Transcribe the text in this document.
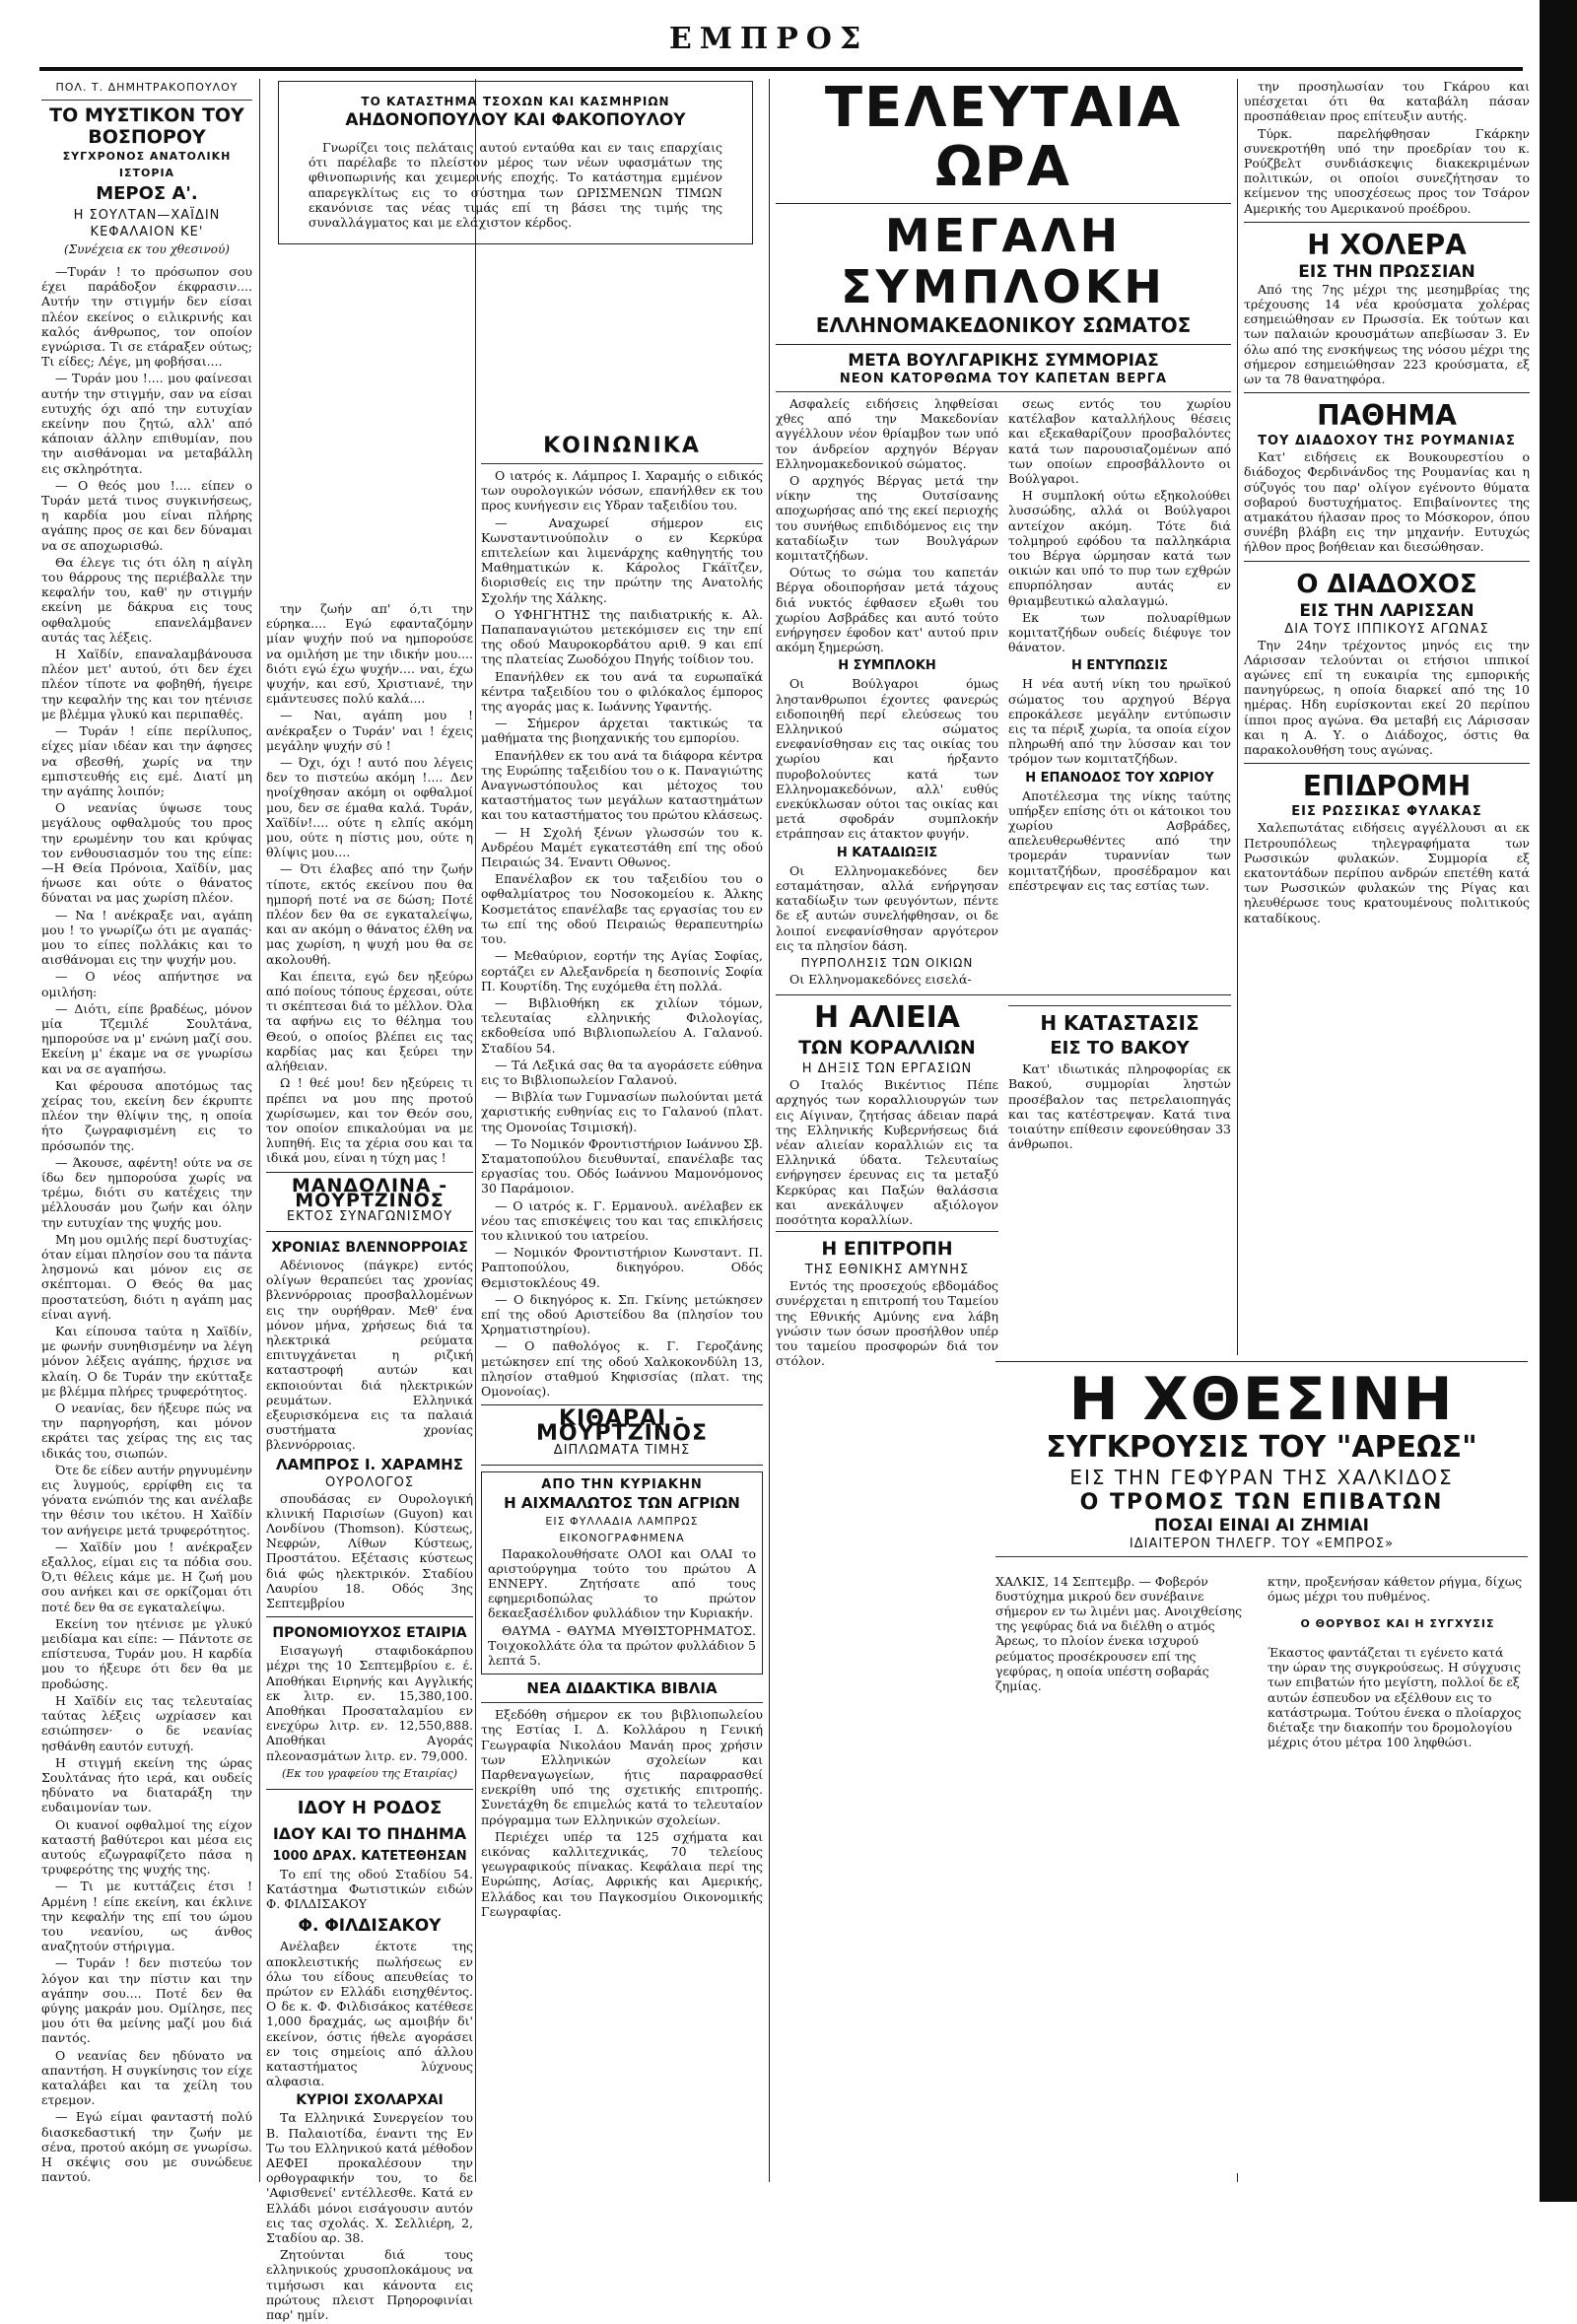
ΕΜΠΡΟΣ
ΠΟΛ. Τ. ΔΗΜΗΤΡΑΚΟΠΟΥΛΟΥ
ΤΟ ΜΥΣΤΙΚΟΝ ΤΟΥ ΒΟΣΠΟΡΟΥ
ΣΥΓΧΡΟΝΟΣ ΑΝΑΤΟΛΙΚΗ ΙΣΤΟΡΙΑ
ΜΕΡΟΣ Α'.
Η ΣΟΥΛΤΑΝ—ΧΑΪΔΙΝ
ΚΕΦΑΛΑΙΟΝ ΚΕ'
(Συνέχεια εκ του χθεσινού)

—Τυράν ! το πρόσωπον σου έχει παράδοξον έκφρασιν.... Αυτήν την στιγμήν δεν είσαι πλέον εκείνος ο ειλικρινής και καλός άνθρωπος, τον οποίον εγνώρισα. Τι σε ετάραξεν ούτως; Τι είδες; Λέγε, μη φοβήσαι....

— Τυράν μου !.... μου φαίνεσαι αυτήν την στιγμήν, σαν να είσαι ευτυχής όχι από την ευτυχίαν εκείνην που ζητώ, αλλ' από κάποιαν άλλην επιθυμίαν, που την αισθάνομαι να μεταβάλλη εις σκληρότητα.

— Ο θεός μου !.... είπεν ο Τυράν μετά τινος συγκινήσεως, η καρδία μου είναι πλήρης αγάπης προς σε και δεν δύναμαι να σε αποχωρισθώ.

Θα έλεγε τις ότι όλη η αίγλη του θάρρους της περιέβαλλε την κεφαλήν του, καθ' ην στιγμήν εκείνη με δάκρυα εις τους οφθαλμούς επανελάμβανεν αυτάς τας λέξεις.

Η Χαϊδίν, επαναλαμβάνουσα πλέον μετ' αυτού, ότι δεν έχει πλέον τίποτε να φοβηθή, ήγειρε την κεφαλήν της και τον ητένισε με βλέμμα γλυκύ και περιπαθές.

— Τυράν ! είπε περίλυπος, είχες μίαν ιδέαν και την άφησες να σβεσθή, χωρίς να την εμπιστευθής εις εμέ. Διατί μη την αγάπης λοιπόν;

Ο νεανίας ύψωσε τους μεγάλους οφθαλμούς του προς την ερωμένην του και κρύψας τον ενθουσιασμόν του της είπε: —Η Θεία Πρόνοια, Χαϊδίν, μας ήνωσε και ούτε ο θάνατος δύναται να μας χωρίση πλέον.

— Να ! ανέκραξε ναι, αγάπη μου ! το γνωρίζω ότι με αγαπάς· μου το είπες πολλάκις και το αισθάνομαι εις την ψυχήν μου.

— Ο νέος απήντησε να ομιλήση:

— Διότι, είπε βραδέως, μόνον μία Τζεμιλέ Σουλτάνα, ημπορούσε να μ' ενώνη μαζί σου. Εκείνη μ' έκαμε να σε γνωρίσω και να σε αγαπήσω.

Και φέρουσα αποτόμως τας χείρας του, εκείνη δεν έκρυπτε πλέον την θλίψιν της, η οποία ήτο ζωγραφισμένη εις το πρόσωπόν της.

— Άκουσε, αφέντη! ούτε να σε ίδω δεν ημπορούσα χωρίς να τρέμω, διότι συ κατέχεις την μέλλουσάν μου ζωήν και όλην την ευτυχίαν της ψυχής μου.

Μη μου ομιλής περί δυστυχίας· όταν είμαι πλησίον σου τα πάντα λησμονώ και μόνον εις σε σκέπτομαι. Ο Θεός θα μας προστατεύση, διότι η αγάπη μας είναι αγνή.

Και είπουσα ταύτα η Χαϊδίν, με φωνήν συνηθισμένην να λέγη μόνον λέξεις αγάπης, ήρχισε να κλαίη. Ο δε Τυράν την εκύτταξε με βλέμμα πλήρες τρυφερότητος.

Ο νεανίας, δεν ήξευρε πώς να την παρηγορήση, και μόνον εκράτει τας χείρας της εις τας ιδικάς του, σιωπών.

Ότε δε είδεν αυτήν ρηγνυμένην εις λυγμούς, ερρίφθη εις τα γόνατα ενώπιόν της και ανέλαβε την θέσιν του ικέτου. Η Χαϊδίν τον ανήγειρε μετά τρυφερότητος.

— Χαϊδίν μου ! ανέκραξεν εξαλλος, είμαι εις τα πόδια σου. Ό,τι θέλεις κάμε με. Η ζωή μου σου ανήκει και σε ορκίζομαι ότι ποτέ δεν θα σε εγκαταλείψω.

Εκείνη τον ητένισε με γλυκύ μειδίαμα και είπε: — Πάντοτε σε επίστευσα, Τυράν μου. Η καρδία μου το ήξευρε ότι δεν θα με προδώσης.

Η Χαϊδίν εις τας τελευταίας ταύτας λέξεις ωχρίασεν και εσιώπησεν· ο δε νεανίας ησθάνθη εαυτόν ευτυχή.

Η στιγμή εκείνη της ώρας Σουλτάνας ήτο ιερά, και ουδείς ηδύνατο να διαταράξη την ευδαιμονίαν των.

Οι κυανοί οφθαλμοί της είχον καταστή βαθύτεροι και μέσα εις αυτούς εζωγραφίζετο πάσα η τρυφερότης της ψυχής της.

— Τι με κυττάζεις έτσι ! Αρμένη ! είπε εκείνη, και έκλινε την κεφαλήν της επί του ώμου του νεανίου, ως άνθος αναζητούν στήριγμα.

— Τυράν ! δεν πιστεύω τον λόγον και την πίστιν και την αγάπην σου.... Ποτέ δεν θα φύγης μακράν μου. Ομίλησε, πες μου ότι θα μείνης μαζί μου διά παντός.

Ο νεανίας δεν ηδύνατο να απαντήση. Η συγκίνησις τον είχε καταλάβει και τα χείλη του ετρεμον.

— Εγώ είμαι φανταστή πολύ διασκεδαστική την ζωήν με σένα, προτού ακόμη σε γνωρίσω. Η σκέψις σου με συνώδευε παντού.

ΤΟ ΚΑΤΑΣΤΗΜΑ ΤΣΟΧΩΝ ΚΑΙ ΚΑΣΜΗΡΙΩΝ
ΑΗΔΟΝΟΠΟΥΛΟΥ ΚΑΙ ΦΑΚΟΠΟΥΛΟΥ

Γνωρίζει τοις πελάταις αυτού ενταύθα και εν ταις επαρχίαις ότι παρέλαβε το πλείστον μέρος των νέων υφασμάτων της φθινοπωρινής και χειμερινής εποχής. Το κατάστημα εμμένον απαρεγκλίτως εις το σύστημα των ΩΡΙΣΜΕΝΩΝ ΤΙΜΩΝ εκανόνισε τας νέας τιμάς επί τη βάσει της τιμής της συναλλάγματος και με ελάχιστον κέρδος.

την ζωήν απ' ό,τι την εύρηκα.... Εγώ εφανταζόμην μίαν ψυχήν πού να ημπορούσε να ομιλήση με την ιδικήν μου.... διότι εγώ έχω ψυχήν.... ναι, έχω ψυχήν, και εσύ, Χριστιανέ, την εμάντευσες πολύ καλά....

— Ναι, αγάπη μου ! ανέκραξεν ο Τυράν' ναι ! έχεις μεγάλην ψυχήν σύ !

— Όχι, όχι ! αυτό που λέγεις δεν το πιστεύω ακόμη !.... Δεν ηνοίχθησαν ακόμη οι οφθαλμοί μου, δεν σε έμαθα καλά. Τυράν, Χαϊδίν!.... ούτε η ελπίς ακόμη μου, ούτε η πίστις μου, ούτε η θλίψις μου....

— Ότι έλαβες από την ζωήν τίποτε, εκτός εκείνου που θα ημπορή ποτέ να σε δώση; Ποτέ πλέον δεν θα σε εγκαταλείψω, και αν ακόμη ο θάνατος έλθη να μας χωρίση, η ψυχή μου θα σε ακολουθή.

Και έπειτα, εγώ δεν ηξεύρω από ποίους τόπους έρχεσαι, ούτε τι σκέπτεσαι διά το μέλλον. Όλα τα αφήνω εις το θέλημα του Θεού, ο οποίος βλέπει εις τας καρδίας μας και ξεύρει την αλήθειαν.

Ω ! θεέ μου! δεν ηξεύρεις τι πρέπει να μου πης προτού χωρίσωμεν, και τον Θεόν σου, τον οποίον επικαλούμαι να με λυπηθή. Εις τα χέρια σου και τα ιδικά μου, είναι η τύχη μας !

ΜΑΝΔΟΛΙΝΑ - ΜΟΥΡΤΖΙΝΟΣ
ΕΚΤΟΣ ΣΥΝΑΓΩΝΙΣΜΟΥ
ΧΡΟΝΙΑΣ ΒΛΕΝΝΟΡΡΟΙΑΣ

Αδένιονος (πάγκρε) εντός ολίγων θεραπεύει τας χρονίας βλεννόρροιας προσβαλλομένων εις την ουρήθραν. Μεθ' ένα μόνον μήνα, χρήσεως διά τα ηλεκτρικά ρεύματα επιτυγχάνεται η ριζική καταστροφή αυτών και εκποιούνται διά ηλεκτρικών ρευμάτων. Ελληνικά εξευρισκόμενα εις τα παλαιά συστήματα χρονίας βλεννόρροιας.

ΛΑΜΠΡΟΣ Ι. ΧΑΡΑΜΗΣ
ΟΥΡΟΛΟΓΟΣ

σπουδάσας εν Ουρολογική κλινική Παρισίων (Guyon) και Λονδίνου (Thomson). Κύστεως, Νεφρών, Λίθων Κύστεως, Προστάτου. Εξέτασις κύστεως διά φώς ηλεκτρικόν. Σταδίου Λαυρίου 18. Οδός 3ης Σεπτεμβρίου

ΠΡΟΝΟΜΙΟΥΧΟΣ ΕΤΑΙΡΙΑ

Εισαγωγή σταφιδοκάρπου μέχρι της 10 Σεπτεμβρίου ε. έ. Αποθήκαι Ειρηνής και Αγγλικής εκ λιτρ. εν. 15,380,100. Αποθήκαι Προσαταλαμίου εν ενεχύρω λιτρ. εν. 12,550,888. Αποθήκαι Αγοράς πλεονασμάτων λιτρ. εν. 79,000.

(Εκ του γραφείου της Εταιρίας)
ΙΔΟΥ Η ΡΟΔΟΣ
ΙΔΟΥ ΚΑΙ ΤΟ ΠΗΔΗΜΑ
1000 ΔΡΑΧ. ΚΑΤΕΤΕΘΗΣΑΝ

Το επί της οδού Σταδίου 54. Κατάστημα Φωτιστικών ειδών Φ. ΦΙΛΔΙΣΑΚΟΥ

Φ. ΦΙΛΔΙΣΑΚΟΥ

Ανέλαβεν έκτοτε της αποκλειστικής πωλήσεως εν όλω του είδους απευθείας το πρώτον εν Ελλάδι εισηχθέντος. Ο δε κ. Φ. Φιλδισάκος κατέθεσε 1,000 δραχμάς, ως αμοιβήν δι' εκείνον, όστις ήθελε αγοράσει εν τοις σημείοις από άλλου καταστήματος λύχνους αλφασια.

ΚΥΡΙΟΙ ΣΧΟΛΑΡΧΑΙ

Τα Ελληνικά Συνεργείον του Β. Παλαιοτίδα, έναντι της Εν Τω του Ελληνικού κατά μέθοδον ΑΕΦΕΙ προκαλέσουν την ορθογραφικήν του, το δε 'Αφισθενεί' εντέλλεσθε. Κατά εν Ελλάδι μόνοι εισάγουσιν αυτόν εις τας σχολάς. Χ. Σελλιέρη, 2, Σταδίου αρ. 38.

Ζητούνται διά τους ελληνικούς χρυσοπλοκάμους να τιμήσωσι και κάνοντα εις πρώτους πλειστ Πρηοροφινίαι παρ' ημίν.

ΚΟΙΝΩΝΙΚΑ

Ο ιατρός κ. Λάμπρος Ι. Χαραμής ο ειδικός των ουρολογικών νόσων, επανήλθεν εκ του προς κυνήγεσιν εις Υδραν ταξειδίου του.

— Αναχωρεί σήμερον εις Κωνσταντινούπολιν ο εν Κερκύρα επιτελείων και λιμενάρχης καθηγητής του Μαθηματικών κ. Κάρολος Γκάϊτζεν, διορισθείς εις την πρώτην της Ανατολής Σχολήν της Χάλκης.

Ο ΥΦΗΓΗΤΗΣ της παιδιατρικής κ. Αλ. Παπαπαναγιώτου μετεκόμισεν εις την επί της οδού Μαυροκορδάτου αριθ. 9 και επί της πλατείας Ζωοδόχου Πηγής τοίδιον του.

Επανήλθεν εκ του ανά τα ευρωπαϊκά κέντρα ταξειδίου του ο φιλόκαλος έμπορος της αγοράς μας κ. Ιωάννης Υφαντής.

— Σήμερον άρχεται τακτικώς τα μαθήματα της βιοηχανικής του εμπορίου.

Επανήλθεν εκ του ανά τα διάφορα κέντρα της Ευρώπης ταξειδίου του ο κ. Παναγιώτης Αναγνωστόπουλος και μέτοχος του καταστήματος των μεγάλων καταστημάτων και του καταστήματος του πρώτου κλάσεως.

— Η Σχολή ξένων γλωσσών του κ. Ανδρέου Μαμέτ εγκατεστάθη επί της οδού Πειραιώς 34. Έναντι Οθωνος.

Επανέλαβον εκ του ταξειδίου του ο οφθαλμίατρος του Νοσοκομείου κ. Άλκης Κοσμετάτος επανέλαβε τας εργασίας του εν τω επί της οδού Πειραιώς θεραπευτηρίω του.

— Μεθαύριον, εορτήν της Αγίας Σοφίας, εορτάζει εν Αλεξανδρεία η δεσποινίς Σοφία Π. Κουρτίδη. Της ευχόμεθα έτη πολλά.

— Βιβλιοθήκη εκ χιλίων τόμων, τελευταίας ελληνικής Φιλολογίας, εκδοθείσα υπό Βιβλιοπωλείου Α. Γαλανού. Σταδίου 54.

— Τά Λεξικά σας θα τα αγοράσετε εύθηνα εις το Βιβλιοπωλείον Γαλανού.

— Βιβλία των Γυμνασίων πωλούνται μετά χαριστικής ευθηνίας εις το Γαλανού (πλατ. της Ομονοίας Τσιμισκή).

— Το Νομικόν Φροντιστήριον Ιωάννου Σβ. Σταματοπούλου διευθυνταί, επανέλαβε τας εργασίας του. Οδός Ιωάννου Μαμονόμονος 30 Παράμοιον.

— Ο ιατρός κ. Γ. Ερμανουλ. ανέλαβεν εκ νέου τας επισκέψεις του και τας επικλήσεις του κλινικού του ιατρείου.

— Νομικόν Φροντιστήριον Κωνσταντ. Π. Ραπτοπούλου, δικηγόρου. Οδός Θεμιστοκλέους 49.

— Ο δικηγόρος κ. Σπ. Γκίνης μετώκησεν επί της οδού Αριστείδου 8α (πλησίον του Χρηματιστηρίου).

— Ο παθολόγος κ. Γ. Γεροζάνης μετώκησεν επί της οδού Χαλκοκονδύλη 13, πλησίον σταθμού Κηφισσίας (πλατ. της Ομονοίας).

ΚΙΘΑΡΑΙ - ΜΟΥΡΤΖΙΝΟΣ
ΔΙΠΛΩΜΑΤΑ ΤΙΜΗΣ
ΑΠΟ ΤΗΝ ΚΥΡΙΑΚΗΝ
Η ΑΙΧΜΑΛΩΤΟΣ ΤΩΝ ΑΓΡΙΩΝ
ΕΙΣ ΦΥΛΛΑΔΙΑ ΛΑΜΠΡΩΣ ΕΙΚΟΝΟΓΡΑΦΗΜΕΝΑ

Παρακολουθήσατε ΟΛΟΙ και ΟΛΑΙ το αριστούργημα τούτο του πρώτου Α ΕΝΝΕΡΥ. Ζητήσατε από τους εφημεριδοπώλας το πρώτον δεκαεξασέλιδον φυλλάδιον την Κυριακήν.

ΘΑΥΜΑ - ΘΑΥΜΑ ΜΥΘΙΣΤΟΡΗΜΑΤΟΣ. Τοιχοκολλάτε όλα τα πρώτον φυλλάδιον 5 λεπτά 5.

ΝΕΑ ΔΙΔΑΚΤΙΚΑ ΒΙΒΛΙΑ

Εξεδόθη σήμερον εκ του βιβλιοπωλείου της Εστίας Ι. Δ. Κολλάρου η Γενική Γεωγραφία Νικολάου Μανάη προς χρήσιν των Ελληνικών σχολείων και Παρθεναγωγείων, ήτις παραφρασθεί ενεκρίθη υπό της σχετικής επιτροπής. Συνετάχθη δε επιμελώς κατά το τελευταίον πρόγραμμα των Ελληνικών σχολείων.

Περιέχει υπέρ τα 125 σχήματα και εικόνας καλλιτεχνικάς, 70 τελείους γεωγραφικούς πίνακας. Κεφάλαια περί της Ευρώπης, Ασίας, Αφρικής και Αμερικής, Ελλάδος και του Παγκοσμίου Οικονομικής Γεωγραφίας.

ΤΕΛΕΥΤΑΙΑ ΩΡΑ
ΜΕΓΑΛΗ ΣΥΜΠΛΟΚΗ
ΕΛΛΗΝΟΜΑΚΕΔΟΝΙΚΟΥ ΣΩΜΑΤΟΣ
ΜΕΤΑ ΒΟΥΛΓΑΡΙΚΗΣ ΣΥΜΜΟΡΙΑΣ
ΝΕΟΝ ΚΑΤΟΡΘΩΜΑ ΤΟΥ ΚΑΠΕΤΑΝ ΒΕΡΓΑ

Ασφαλείς ειδήσεις ληφθείσαι χθες από την Μακεδονίαν αγγέλλουν νέον θρίαμβον των υπό τον άνδρείον αρχηγόν Βέργαν Ελληνομακεδονικού σώματος.

Ο αρχηγός Βέργας μετά την νίκην της Ουτσίσανης αποχωρήσας από της εκεί περιοχής του συνήθως επιδιδόμενος εις την καταδίωξιν των Βουλγάρων κομιτατζήδων.

Ούτως το σώμα του καπετάν Βέργα οδοιπορήσαν μετά τάχους διά νυκτός έφθασεν εξωθι του χωρίου Ασβράδες και αυτό τούτο ενήργησεν έφοδον κατ' αυτού πριν ακόμη ξημερώση.

Η ΣΥΜΠΛΟΚΗ

Οι Βούλγαροι όμως ληστανθρωποι έχοντες φανερώς ειδοποιηθή περί ελεύσεως του Ελληνικού σώματος ενεφανίσθησαν εις τας οικίας του χωρίου και ήρξαντο πυροβολούντες κατά των Ελληνομακεδόνων, αλλ' ευθύς ενεκύκλωσαν ούτοι τας οικίας και μετά σφοδράν συμπλοκήν ετράπησαν εις άτακτον φυγήν.

Η ΚΑΤΑΔΙΩΞΙΣ

Οι Ελληνομακεδόνες δεν εσταμάτησαν, αλλά ενήργησαν καταδίωξιν των φευγόντων, πέντε δε εξ αυτών συνελήφθησαν, οι δε λοιποί ενεφανίσθησαν αργότερον εις τα πλησίον δάση.

ΠΥΡΠΟΛΗΣΙΣ ΤΩΝ ΟΙΚΙΩΝ

Οι Ελληνομακεδόνες εισελά-

σεως εντός του χωρίου κατέλαβον καταλλήλους θέσεις και εξεκαθαρίζουν προσβαλόντες κατά των παρουσιαζομένων από των οποίων επροσβάλλοντο οι Βούλγαροι.

Η συμπλοκή ούτω εξηκολούθει λυσσώδης, αλλά οι Βούλγαροι αντείχον ακόμη. Τότε διά τολμηρού εφόδου τα παλληκάρια του Βέργα ώρμησαν κατά των οικιών και υπό το πυρ των εχθρών επυρπόλησαν αυτάς εν θριαμβευτικώ αλαλαγμώ.

Εκ των πολυαρίθμων κομιτατζήδων ουδείς διέφυγε τον θάνατον.

Η ΕΝΤΥΠΩΣΙΣ

Η νέα αυτή νίκη του ηρωϊκού σώματος του αρχηγού Βέργα επροκάλεσε μεγάλην εντύπωσιν εις τα πέριξ χωρία, τα οποία είχον πληρωθή από την λύσσαν και τον τρόμον των κομιτατζήδων.

Η ΕΠΑΝΟΔΟΣ ΤΟΥ ΧΩΡΙΟΥ

Αποτέλεσμα της νίκης ταύτης υπήρξεν επίσης ότι οι κάτοικοι του χωρίου Ασβράδες, απελευθερωθέντες από την τρομεράν τυραννίαν των κομιτατζήδων, προσέδραμον και επέστρεψαν εις τας εστίας των.

Η ΑΛΙΕΙΑ
ΤΩΝ ΚΟΡΑΛΛΙΩΝ
Η ΔΗΞΙΣ ΤΩΝ ΕΡΓΑΣΙΩΝ

Ο Ιταλός Βικέντιος Πέπε αρχηγός των κοραλλιουργών των εις Αίγιναν, ζητήσας άδειαν παρά της Ελληνικής Κυβερνήσεως διά νέαν αλιείαν κοραλλιών εις τα Ελληνικά ύδατα. Τελευταίως ενήργησεν έρευνας εις τα μεταξύ Κερκύρας και Παξών θαλάσσια και ανεκάλυψεν αξιόλογον ποσότητα κοραλλίων.

Η ΕΠΙΤΡΟΠΗ
ΤΗΣ ΕΘΝΙΚΗΣ ΑΜΥΝΗΣ

Εντός της προσεχούς εβδομάδος συνέρχεται η επιτροπή του Ταμείου της Εθνικής Αμύνης ενα λάβη γνώσιν των όσων προσήλθον υπέρ του ταμείου προσφορών διά τον στόλον.

Η ΚΑΤΑΣΤΑΣΙΣ
ΕΙΣ ΤΟ ΒΑΚΟΥ

Κατ' ιδιωτικάς πληροφορίας εκ Βακού, συμμορίαι ληστών προσέβαλον τας πετρελαιοπηγάς και τας κατέστρεψαν. Κατά τινα τοιαύτην επίθεσιν εφονεύθησαν 33 άνθρωποι.

την προσηλωσίαν του Γκάρου και υπέσχεται ότι θα καταβάλη πάσαν προσπάθειαν προς επίτευξιν αυτής.

Τύρκ. παρελήφθησαν Γκάρκην συνεκροτήθη υπό την προεδρίαν του κ. Ρούζβελτ συνδιάσκεψις διακεκριμένων πολιτικών, οι οποίοι συνεζήτησαν το κείμενον της υποσχέσεως προς τον Τσάρον Αμερικής του Αμερικανού προέδρου.

Η ΧΟΛΕΡΑ
ΕΙΣ ΤΗΝ ΠΡΩΣΣΙΑΝ

Από της 7ης μέχρι της μεσημβρίας της τρέχουσης 14 νέα κρούσματα χολέρας εσημειώθησαν εν Πρωσσία. Εκ τούτων και των παλαιών κρουσμάτων απεβίωσαν 3. Εν όλω από της ενσκήψεως της νόσου μέχρι της σήμερον εσημειώθησαν 223 κρούσματα, εξ ων τα 78 θανατηφόρα.

ΠΑΘΗΜΑ
ΤΟΥ ΔΙΑΔΟΧΟΥ ΤΗΣ ΡΟΥΜΑΝΙΑΣ

Κατ' ειδήσεις εκ Βουκουρεστίου ο διάδοχος Φερδινάνδος της Ρουμανίας και η σύζυγός του παρ' ολίγον εγένοντο θύματα σοβαρού δυστυχήματος. Επιβαίνοντες της ατμακάτου ήλασαν προς το Μόσκορον, όπου συνέβη βλάβη εις την μηχανήν. Ευτυχώς ήλθον προς βοήθειαν και διεσώθησαν.

Ο ΔΙΑΔΟΧΟΣ
ΕΙΣ ΤΗΝ ΛΑΡΙΣΣΑΝ
ΔΙΑ ΤΟΥΣ ΙΠΠΙΚΟΥΣ ΑΓΩΝΑΣ

Την 24ην τρέχοντος μηνός εις την Λάρισσαν τελούνται οι ετήσιοι ιππικοί αγώνες επί τη ευκαιρία της εμπορικής πανηγύρεως, η οποία διαρκεί από της 10 ημέρας. Ηδη ευρίσκονται εκεί 20 περίπου ίπποι προς αγώνα. Θα μεταβή εις Λάρισσαν και η Α. Υ. ο Διάδοχος, όστις θα παρακολουθήση τους αγώνας.

ΕΠΙΔΡΟΜΗ
ΕΙΣ ΡΩΣΣΙΚΑΣ ΦΥΛΑΚΑΣ

Χαλεπωτάτας ειδήσεις αγγέλλουσι αι εκ Πετρουπόλεως τηλεγραφήματα των Ρωσσικών φυλακών. Συμμορία εξ εκατοντάδων περίπου ανδρών επετέθη κατά των Ρωσσικών φυλακών της Ρίγας και ηλευθέρωσε τους κρατουμένους πολιτικούς καταδίκους.

Η ΧΘΕΣΙΝΗ
ΣΥΓΚΡΟΥΣΙΣ ΤΟΥ "ΑΡΕΩΣ"
ΕΙΣ ΤΗΝ ΓΕΦΥΡΑΝ ΤΗΣ ΧΑΛΚΙΔΟΣ
Ο ΤΡΟΜΟΣ ΤΩΝ ΕΠΙΒΑΤΩΝ
ΠΟΣΑΙ ΕΙΝΑΙ ΑΙ ΖΗΜΙΑΙ
ΙΔΙΑΙΤΕΡΟΝ ΤΗΛΕΓΡ. ΤΟΥ «ΕΜΠΡΟΣ»

ΧΑΛΚΙΣ, 14 Σεπτεμβρ. — Φοβερόν δυστύχημα μικρού δεν συνέβαινε σήμερον εν τω λιμένι μας. Ανοιχθείσης της γεφύρας διά να διέλθη ο ατμός Άρεως, το πλοίον ένεκα ισχυρού ρεύματος προσέκρουσεν επί της γεφύρας, η οποία υπέστη σοβαράς ζημίας.

κτην, προξενήσαν κάθετον ρήγμα, δίχως όμως μέχρι του πυθμένος.

Ο ΘΟΡΥΒΟΣ ΚΑΙ Η ΣΥΓΧΥΣΙΣ

Έκαστος φαντάζεται τι εγένετο κατά την ώραν της συγκρούσεως. Η σύγχυσις των επιβατών ήτο μεγίστη, πολλοί δε εξ αυτών έσπευδον να εξέλθουν εις το κατάστρωμα. Τούτου ένεκα ο πλοίαρχος διέταξε την διακοπήν του δρομολογίου μέχρις ότου μέτρα 100 ληφθώσι.
